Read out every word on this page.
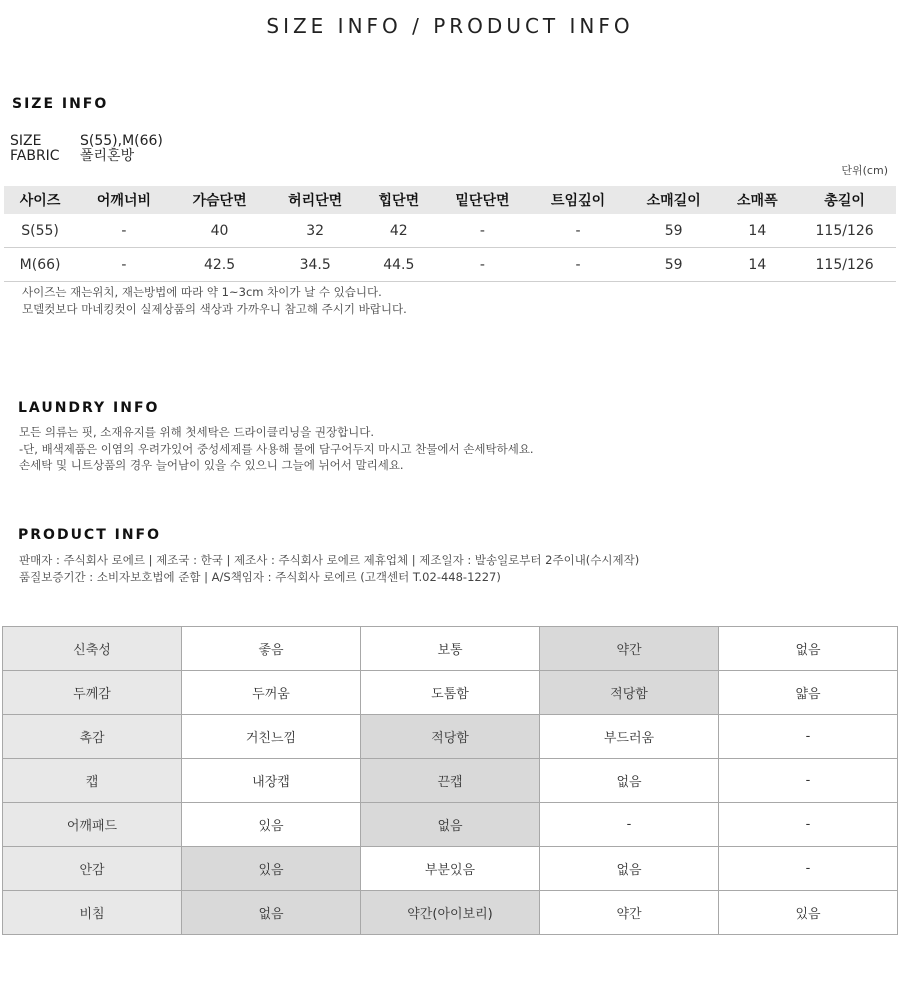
SIZE INFO / PRODUCT INFO
SIZE INFO
SIZE	S(55),M(66)
FABRIC	폴리혼방
단위(cm)
사이즈	어깨너비	가슴단면	허리단면	힙단면	밑단단면	트임깊이	소매길이	소매폭	총길이
S(55)	-	40	32	42	-	-	59	14	115/126
M(66)	-	42.5	34.5	44.5	-	-	59	14	115/126
사이즈는 재는위치, 재는방법에 따라 약 1~3cm 차이가 날 수 있습니다.
모델컷보다 마네킹컷이 실제상품의 색상과 가까우니 참고해 주시기 바랍니다.
LAUNDRY INFO
모든 의류는 핏, 소재유지를 위해 첫세탁은 드라이클리닝을 권장합니다.
-단, 배색제품은 이염의 우려가있어 중성세제를 사용해 물에 담구어두지 마시고 찬물에서 손세탁하세요.
손세탁 및 니트상품의 경우 늘어남이 있을 수 있으니 그늘에 뉘어서 말리세요.
PRODUCT INFO
판매자 : 주식회사 로에르 | 제조국 : 한국 | 제조사 : 주식회사 로에르 제휴업체 | 제조일자 : 발송일로부터 2주이내(수시제작)
품질보증기간 : 소비자보호법에 준함 | A/S책임자 : 주식회사 로에르 (고객센터 T.02-448-1227)
신축성	좋음	보통	약간	없음
두께감	두꺼움	도톰함	적당함	얇음
촉감	거친느낌	적당함	부드러움	-
캡	내장캡	끈캡	없음	-
어깨패드	있음	없음	-	-
안감	있음	부분있음	없음	-
비침	없음	약간(아이보리)	약간	있음
